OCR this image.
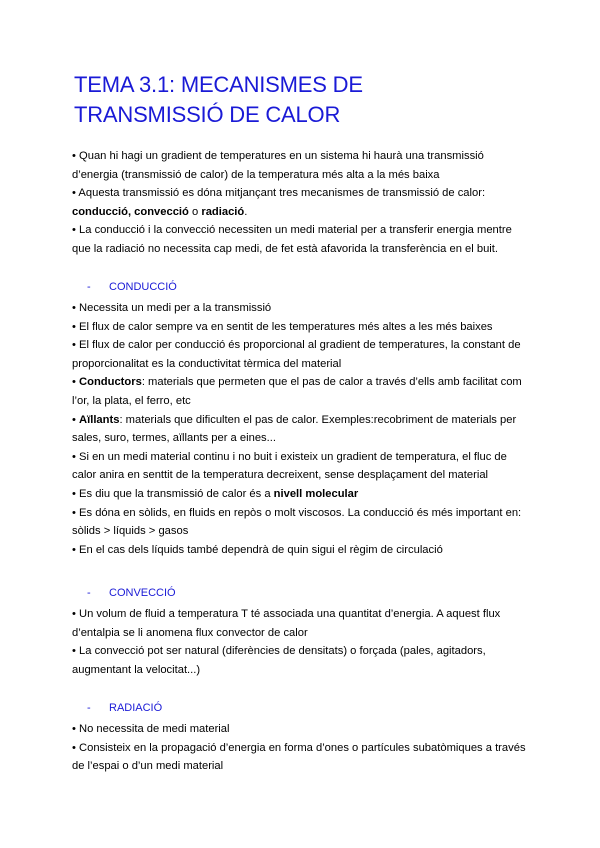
TEMA 3.1: MECANISMES DE
TRANSMISSIÓ DE CALOR

• Quan hi hagi un gradient de temperatures en un sistema hi haurà una transmissió d’energia (transmissió de calor) de la temperatura més alta a la més baixa

• Aquesta transmissió es dóna mitjançant tres mecanismes de transmissió de calor:
conducció, convecció o radiació.

• La conducció i la convecció necessiten un medi material per a transferir energia mentre que la radiació no necessita cap medi, de fet està afavorida la transferència en el buit.

- CONDUCCIÓ

• Necessita un medi per a la transmissió

• El flux de calor sempre va en sentit de les temperatures més altes a les més baixes

• El flux de calor per conducció és proporcional al gradient de temperatures, la constant de proporcionalitat es la conductivitat tèrmica del material

• Conductors: materials que permeten que el pas de calor a través d’ells amb facilitat com l’or, la plata, el ferro, etc

• Aïllants: materials que dificulten el pas de calor. Exemples:recobriment de materials per sales, suro, termes, aïllants per a eines...

• Si en un medi material continu i no buit i existeix un gradient de temperatura, el fluc de calor anira en senttit de la temperatura decreixent, sense desplaçament del material

• Es diu que la transmissió de calor és a nivell molecular

• Es dóna en sòlids, en fluids en repòs o molt viscosos. La conducció és més important en: sòlids > líquids > gasos

• En el cas dels líquids també dependrà de quin sigui el règim de circulació

- CONVECCIÓ

• Un volum de fluid a temperatura T té associada una quantitat d’energia. A aquest flux d’entalpia se li anomena flux convector de calor

• La convecció pot ser natural (diferències de densitats) o forçada (pales, agitadors, augmentant la velocitat...)

- RADIACIÓ

• No necessita de medi material

• Consisteix en la propagació d’energia en forma d’ones o partícules subatòmiques a través de l’espai o d’un medi material
